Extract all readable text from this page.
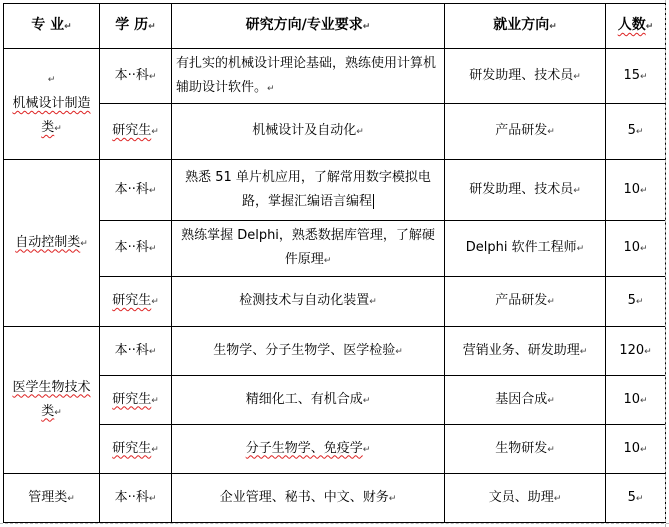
专 业↵	学 历↵	研究方向/专业要求↵	就业方向↵	人数↵

↵
机械设计制造类↵	本··科↵	有扎实的机械设计理论基础，熟练使用计算机辅助设计软件。↵	研发助理、技术员↵	15↵
	研究生↵	机械设计及自动化↵	产品研发↵	5↵
自动控制类↵	本··科↵	熟悉 51 单片机应用，了解常用数字模拟电路，掌握汇编语言编程	研发助理、技术员↵	10↵
	本··科↵	熟练掌握 Delphi，熟悉数据库管理，了解硬件原理↵	Delphi 软件工程师↵	10↵
	研究生↵	检测技术与自动化装置↵	产品研发↵	5↵
医学生物技术类↵	本··科↵	生物学、分子生物学、医学检验↵	营销业务、研发助理↵	120↵
	研究生↵	精细化工、有机合成↵	基因合成↵	10↵
	研究生↵	分子生物学、免疫学↵	生物研发↵	10↵
管理类↵	本··科↵	企业管理、秘书、中文、财务↵	文员、助理↵	5↵
